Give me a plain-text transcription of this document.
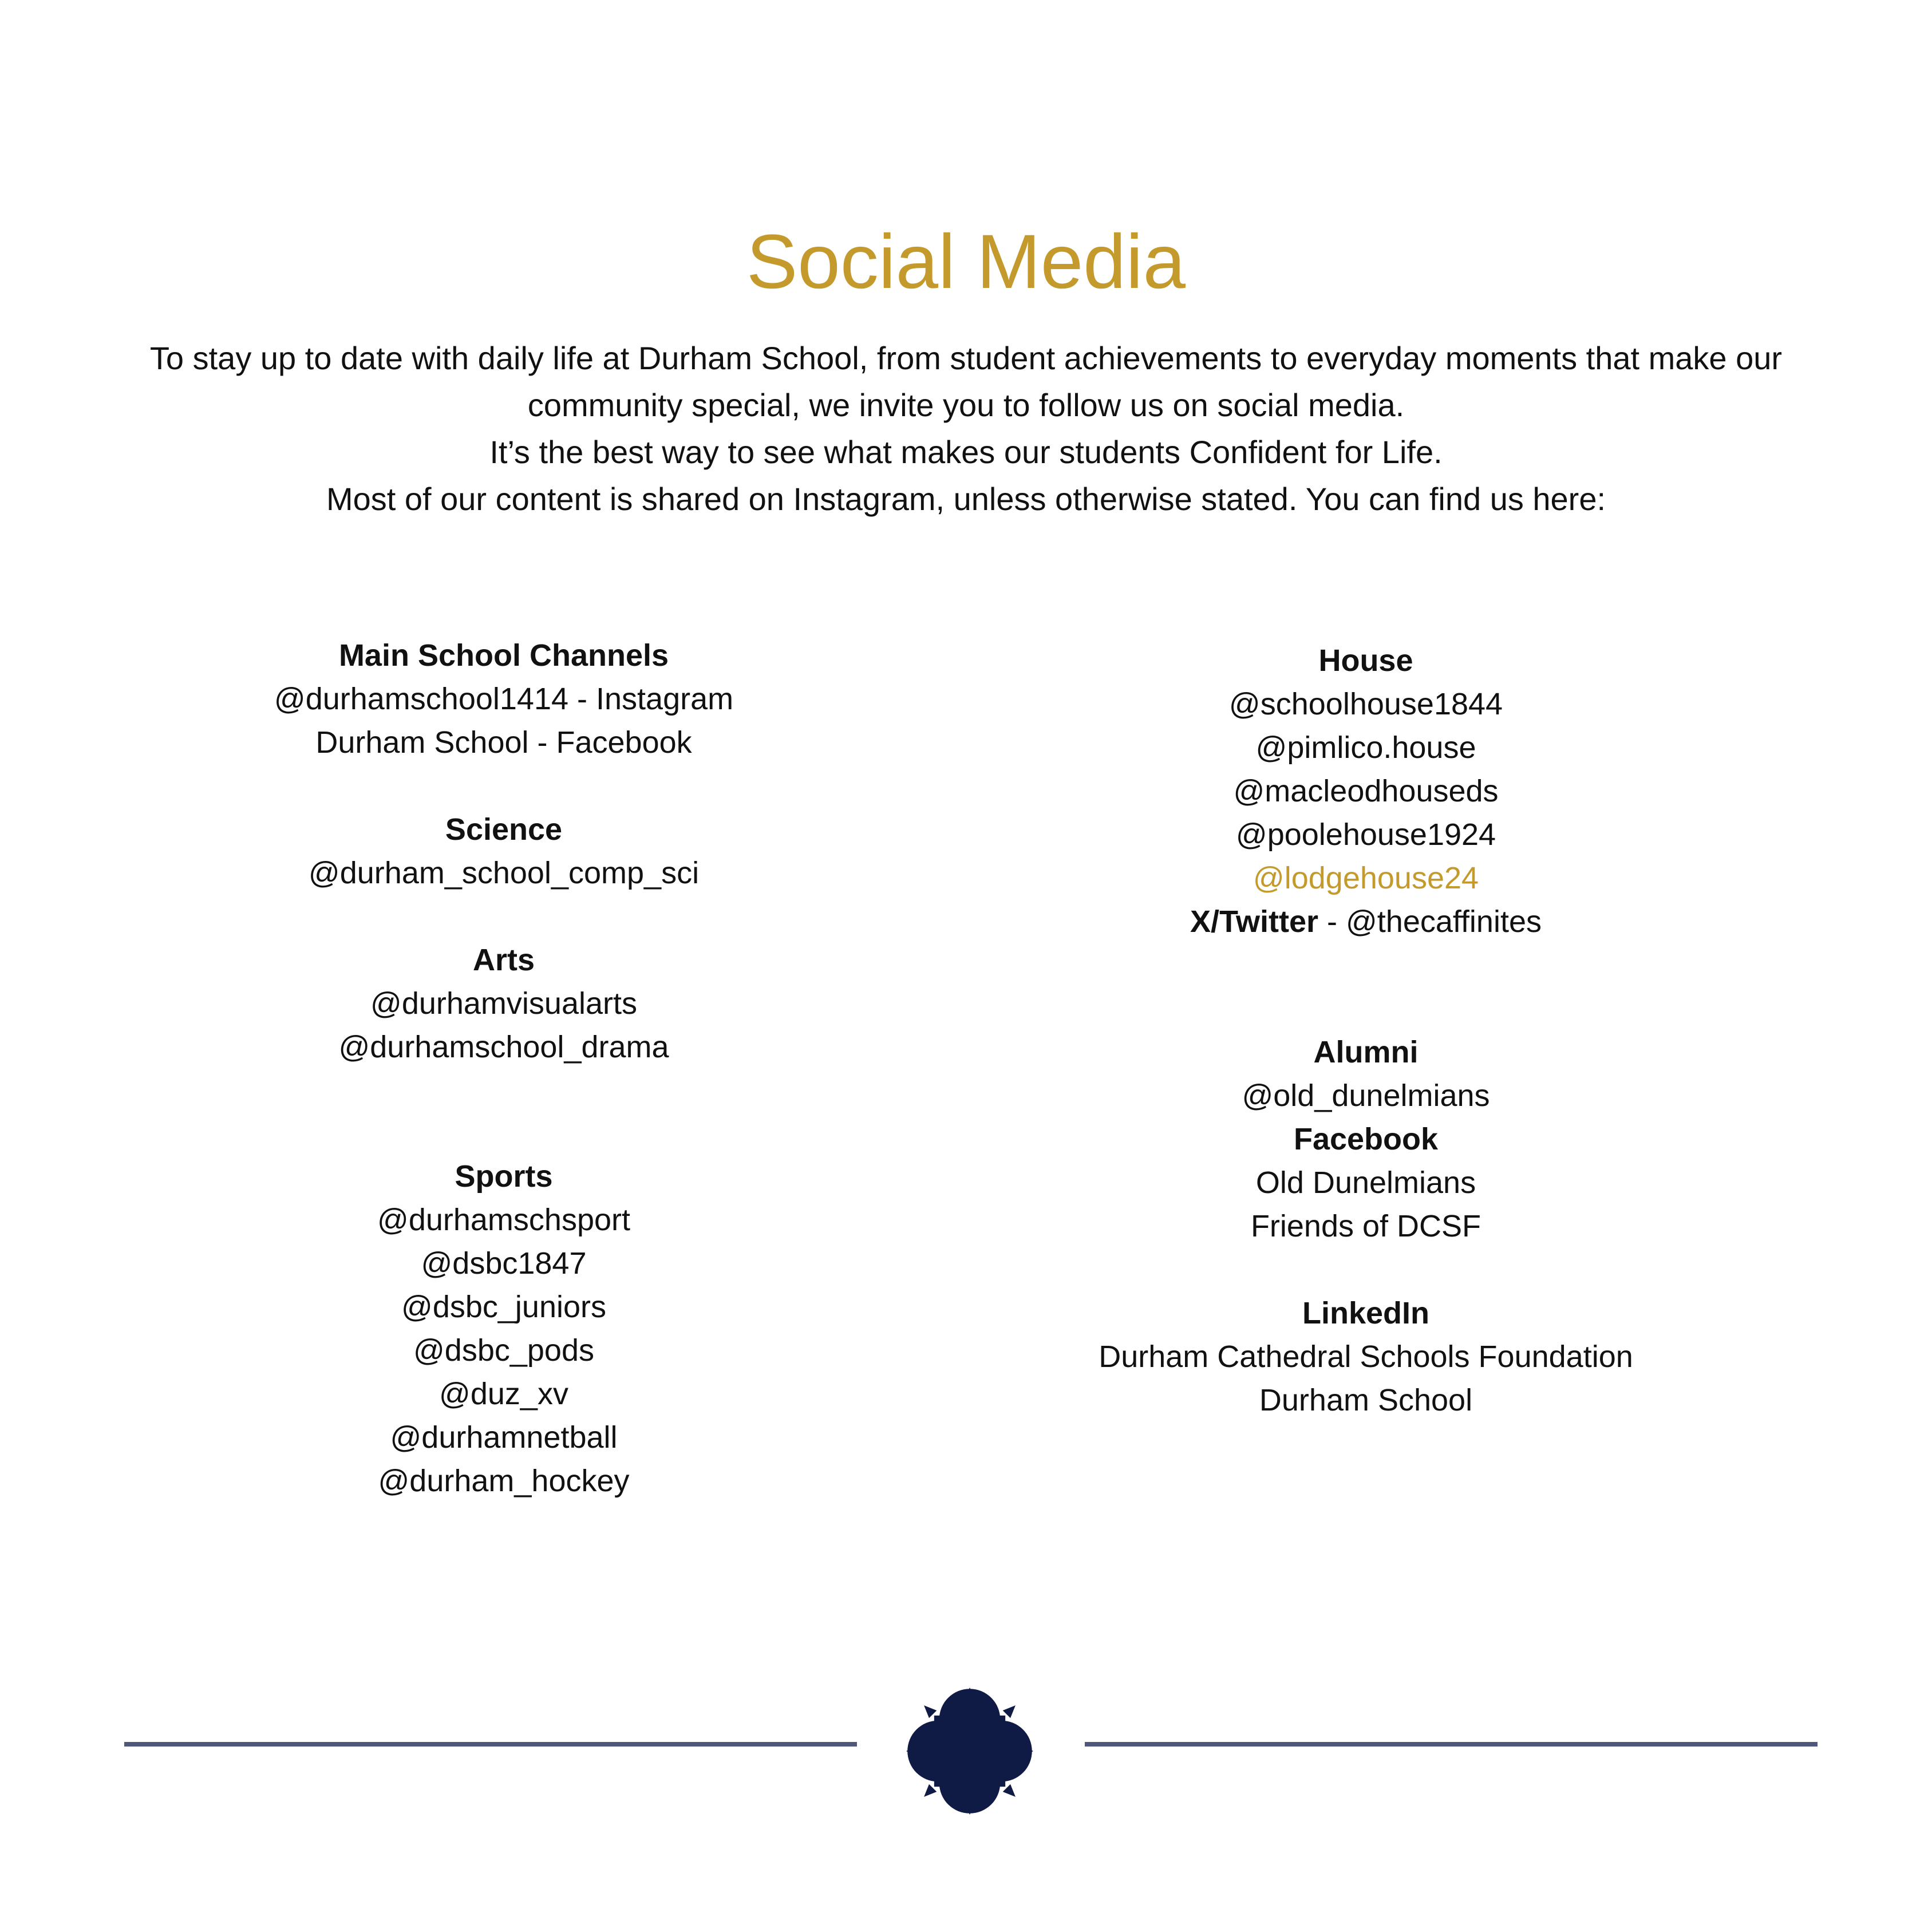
Social Media

To stay up to date with daily life at Durham School, from student achievements to everyday moments that make our community special, we invite you to follow us on social media.

It’s the best way to see what makes our students Confident for Life.

Most of our content is shared on Instagram, unless otherwise stated. You can find us here:

Main School Channels
@durhamschool1414 - Instagram
Durham School - Facebook
Science
@durham_school_comp_sci
Arts
@durhamvisualarts
@durhamschool_drama
Sports
@durhamschsport
@dsbc1847
@dsbc_juniors
@dsbc_pods
@duz_xv
@durhamnetball
@durham_hockey
House
@schoolhouse1844
@pimlico.house
@macleodhouseds
@poolehouse1924
@lodgehouse24
X/Twitter - @thecaffinites
Alumni
@old_dunelmians
Facebook
Old Dunelmians
Friends of DCSF
LinkedIn
Durham Cathedral Schools Foundation
Durham School
